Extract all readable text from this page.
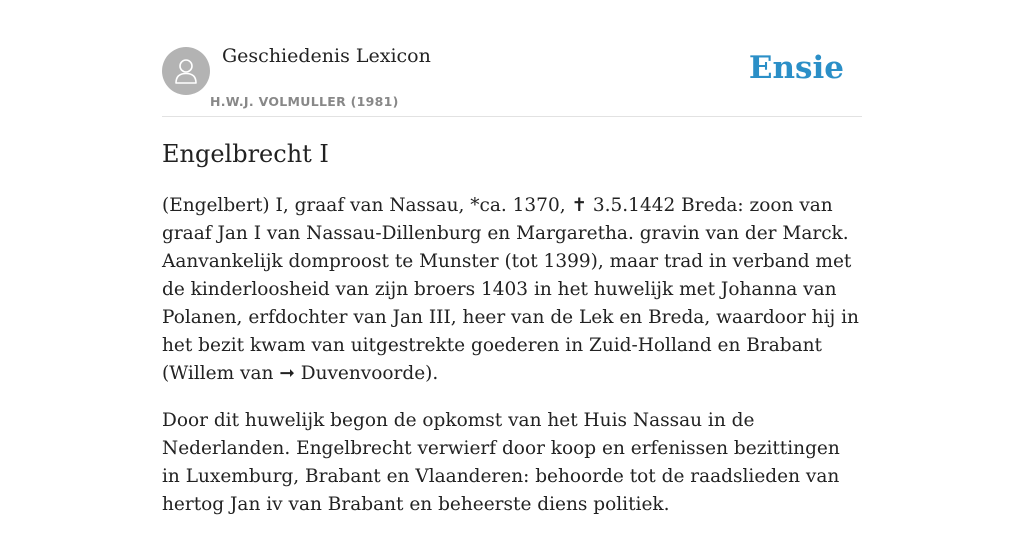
Geschiedenis Lexicon
H.W.J. VOLMULLER (1981)
Ensie
Engelbrecht I

(Engelbert) I, graaf van Nassau, *ca. 1370, ✝ 3.5.1442 Breda: zoon van graaf Jan I van Nassau-Dillenburg en Margaretha. gravin van der Marck. Aanvankelijk domproost te Munster (tot 1399), maar trad in verband met de kinderloosheid van zijn broers 1403 in het huwelijk met Johanna van Polanen, erfdochter van Jan III, heer van de Lek en Breda, waardoor hij in het bezit kwam van uitgestrekte goederen in Zuid-Holland en Brabant (Willem van ➞ Duvenvoorde).

Door dit huwelijk begon de opkomst van het Huis Nassau in de Nederlanden. Engelbrecht verwierf door koop en erfenissen bezittingen in Luxemburg, Brabant en Vlaanderen: behoorde tot de raadslieden van hertog Jan iv van Brabant en beheerste diens politiek.
